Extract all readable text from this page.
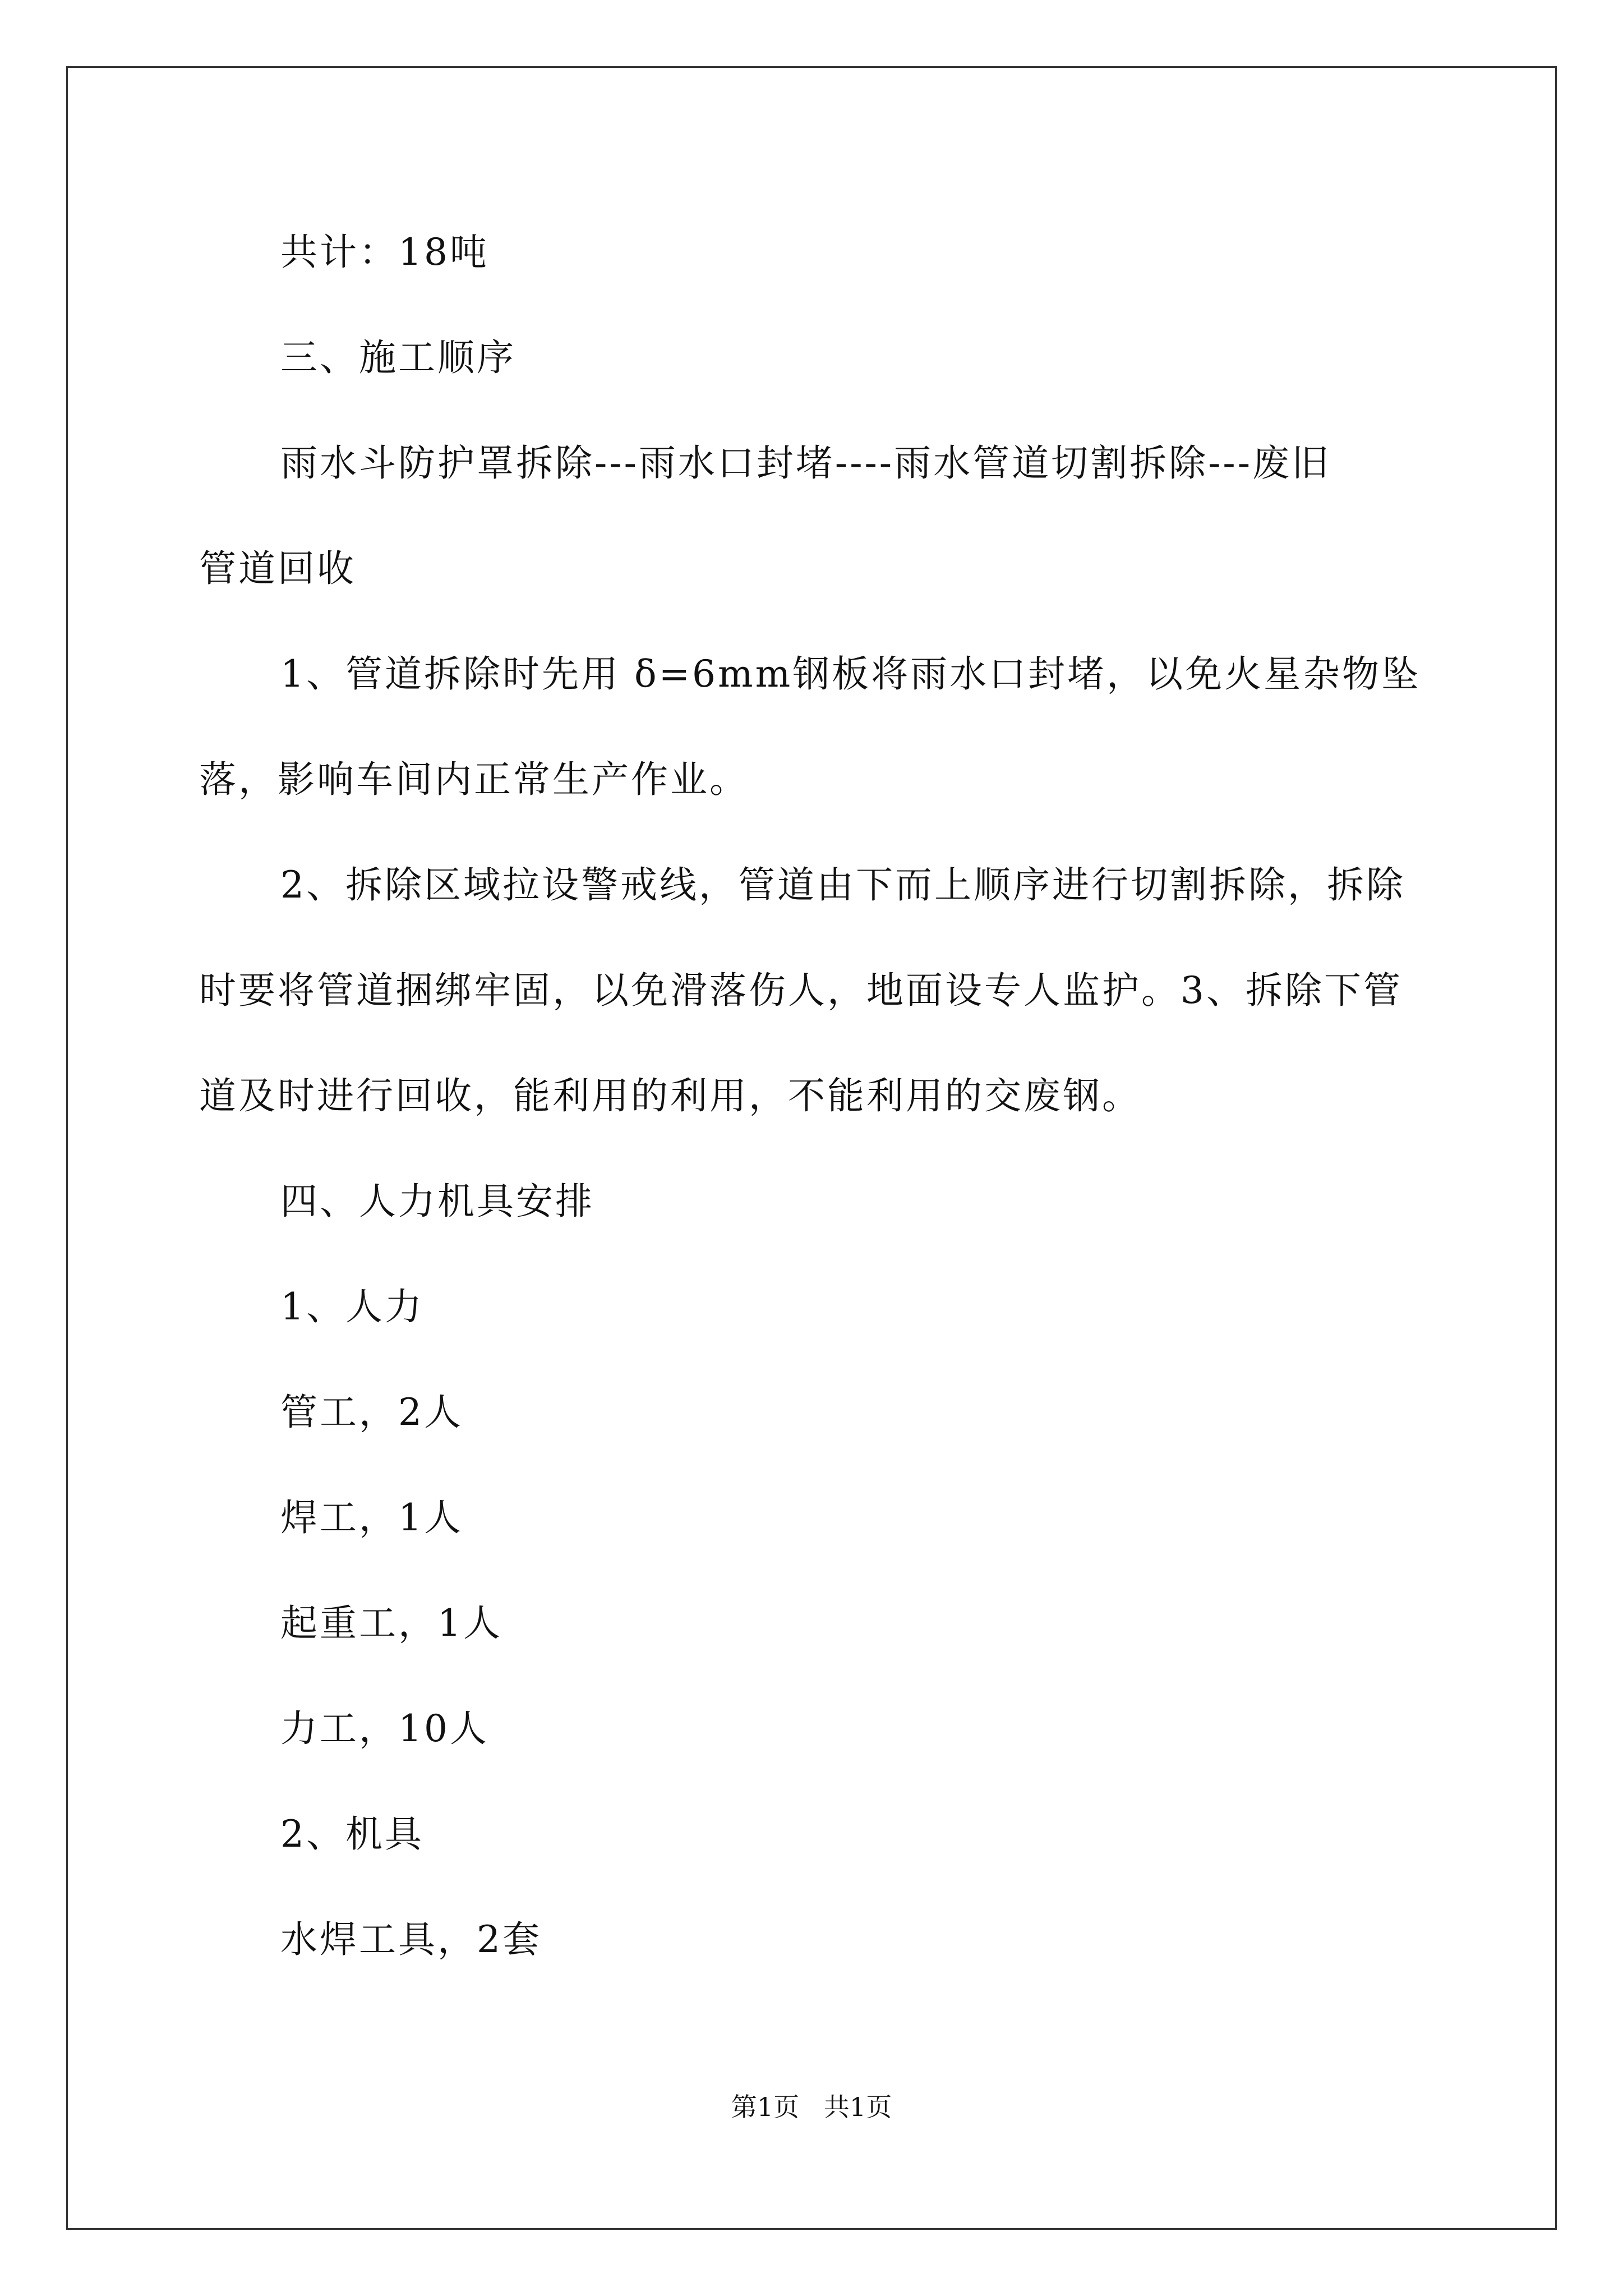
共计：18吨
三、施工顺序
雨水斗防护罩拆除---雨水口封堵----雨水管道切割拆除---废旧
管道回收
1、管道拆除时先用 δ=6mm钢板将雨水口封堵，以免火星杂物坠
落，影响车间内正常生产作业。
2、拆除区域拉设警戒线，管道由下而上顺序进行切割拆除，拆除
时要将管道捆绑牢固，以免滑落伤人，地面设专人监护。3、拆除下管
道及时进行回收，能利用的利用，不能利用的交废钢。
四、人力机具安排
1、人力
管工，2人
焊工，1人
起重工，1人
力工，10人
2、机具
水焊工具，2套
第1页   共1页
